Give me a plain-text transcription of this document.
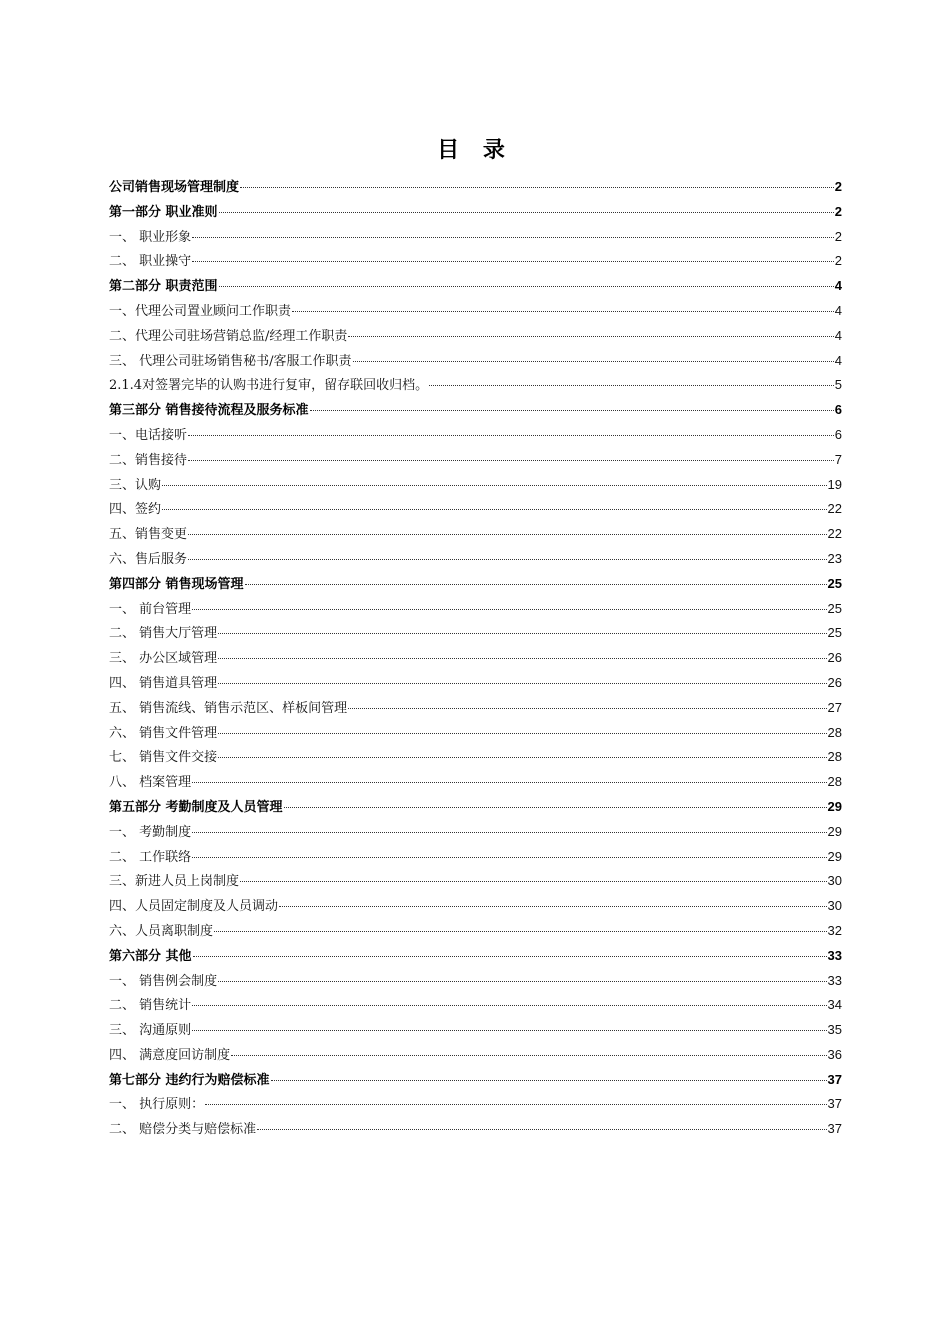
目 录
公司销售现场管理制度	2
第一部分 职业准则	2
一、 职业形象	2
二、 职业操守	2
第二部分 职责范围	4
一、代理公司置业顾问工作职责	4
二、代理公司驻场营销总监/经理工作职责	4
三、 代理公司驻场销售秘书/客服工作职责	4
2.1.4对签署完毕的认购书进行复审，留存联回收归档。	5
第三部分 销售接待流程及服务标准	6
一、电话接听	6
二、销售接待	7
三、认购	19
四、签约	22
五、销售变更	22
六、售后服务	23
第四部分 销售现场管理	25
一、 前台管理	25
二、 销售大厅管理	25
三、 办公区域管理	26
四、 销售道具管理	26
五、 销售流线、销售示范区、样板间管理	27
六、 销售文件管理	28
七、 销售文件交接	28
八、 档案管理	28
第五部分 考勤制度及人员管理	29
一、 考勤制度	29
二、 工作联络	29
三、新进人员上岗制度	30
四、人员固定制度及人员调动	30
六、人员离职制度	32
第六部分 其他	33
一、 销售例会制度	33
二、 销售统计	34
三、 沟通原则	35
四、 满意度回访制度	36
第七部分 违约行为赔偿标准	37
一、 执行原则：	37
二、 赔偿分类与赔偿标准	37
